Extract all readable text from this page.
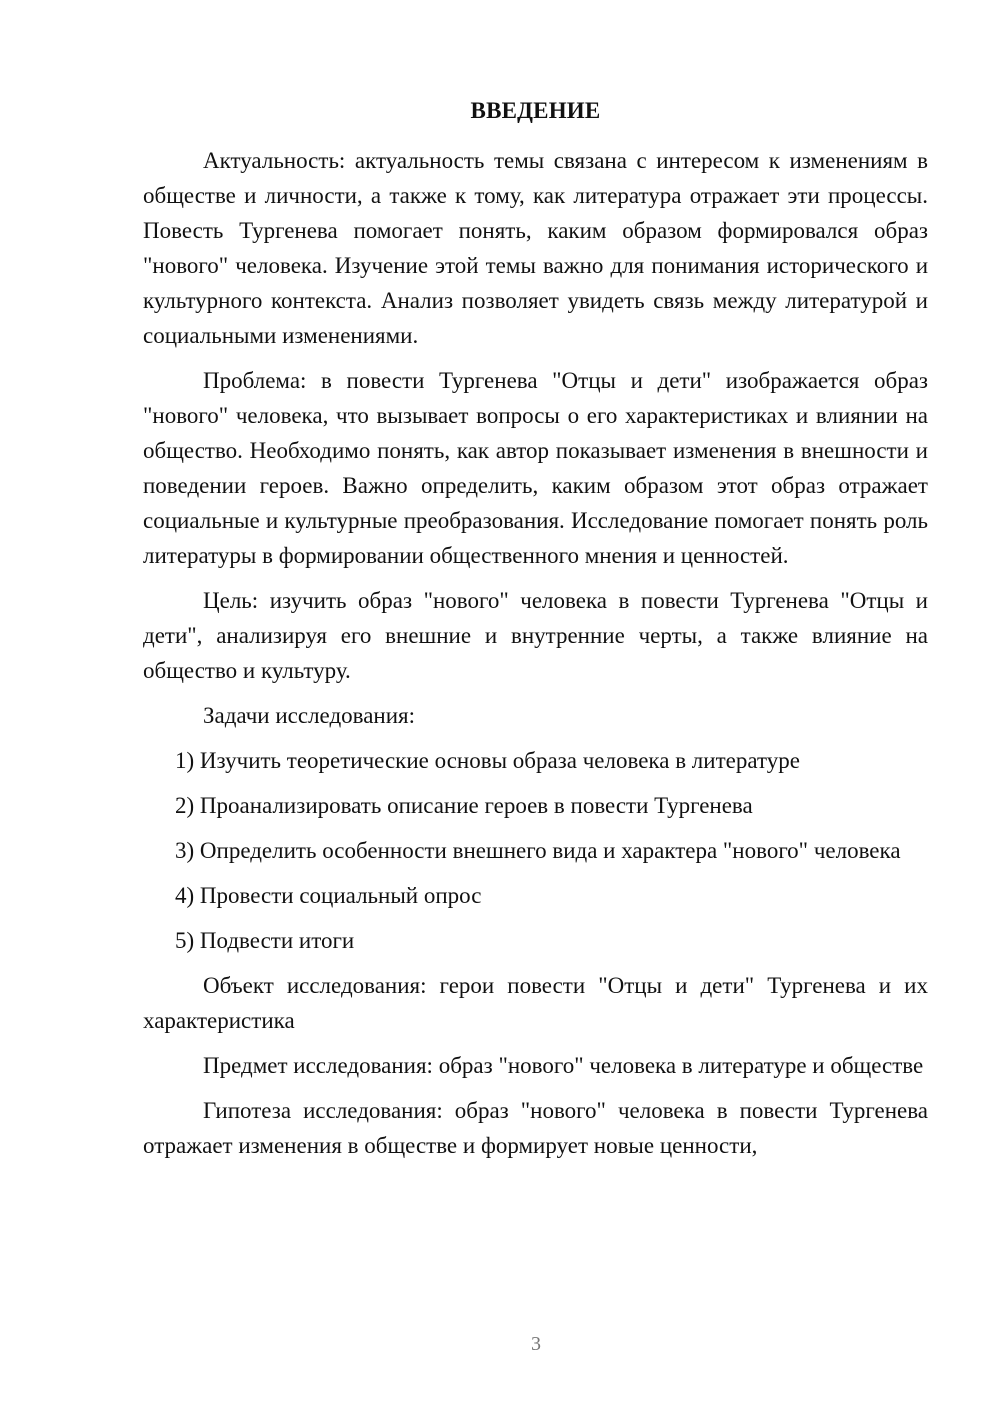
ВВЕДЕНИЕ

Актуальность: актуальность темы связана с интересом к изменениям в обществе и личности, а также к тому, как литература отражает эти процессы. Повесть Тургенева помогает понять, каким образом формировался образ "нового" человека. Изучение этой темы важно для понимания исторического и культурного контекста. Анализ позволяет увидеть связь между литературой и социальными изменениями.

Проблема: в повести Тургенева "Отцы и дети" изображается образ "нового" человека, что вызывает вопросы о его характеристиках и влиянии на общество. Необходимо понять, как автор показывает изменения в внешности и поведении героев. Важно определить, каким образом этот образ отражает социальные и культурные преобразования. Исследование помогает понять роль литературы в формировании общественного мнения и ценностей.

Цель: изучить образ "нового" человека в повести Тургенева "Отцы и дети", анализируя его внешние и внутренние черты, а также влияние на общество и культуру.

Задачи исследования:

1) Изучить теоретические основы образа человека в литературе

2) Проанализировать описание героев в повести Тургенева

3) Определить особенности внешнего вида и характера "нового" человека

4) Провести социальный опрос

5) Подвести итоги

Объект исследования: герои повести "Отцы и дети" Тургенева и их характеристика

Предмет исследования: образ "нового" человека в литературе и обществе

Гипотеза исследования: образ "нового" человека в повести Тургенева отражает изменения в обществе и формирует новые ценности,

3
